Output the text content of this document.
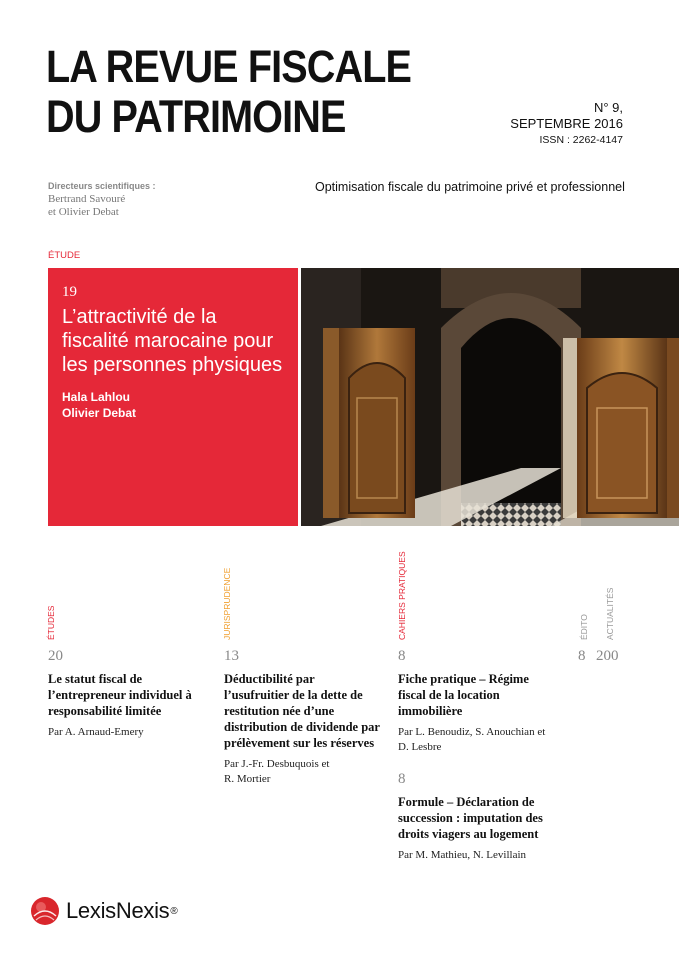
LA REVUE FISCALE
DU PATRIMOINE	N° 9,
SEPTEMBRE 2016
ISSN : 2262-4147
Directeurs scientifiques :
Bertrand Savouré
et Olivier Debat
Optimisation fiscale du patrimoine privé et professionnel
ÉTUDE
19
L’attractivité de la fiscalité marocaine pour les personnes physiques
Hala Lahlou
Olivier Debat
ÉTUDES	JURISPRUDENCE	CAHIERS PRATIQUES	ÉDITO ACTUALITÉS
20
Le statut fiscal de l’entrepreneur individuel à responsabilité limitée
Par A. Arnaud-Emery
13
Déductibilité par l’usufruitier de la dette de restitution née d’une distribution de dividende par prélèvement sur les réserves
Par J.-Fr. Desbuquois et R. Mortier
8
Fiche pratique – Régime fiscal de la location immobilière
Par L. Benoudiz, S. Anouchian et D. Lesbre
8
Formule – Déclaration de succession : imputation des droits viagers au logement
Par M. Mathieu, N. Levillain
8 200
LexisNexis ®
